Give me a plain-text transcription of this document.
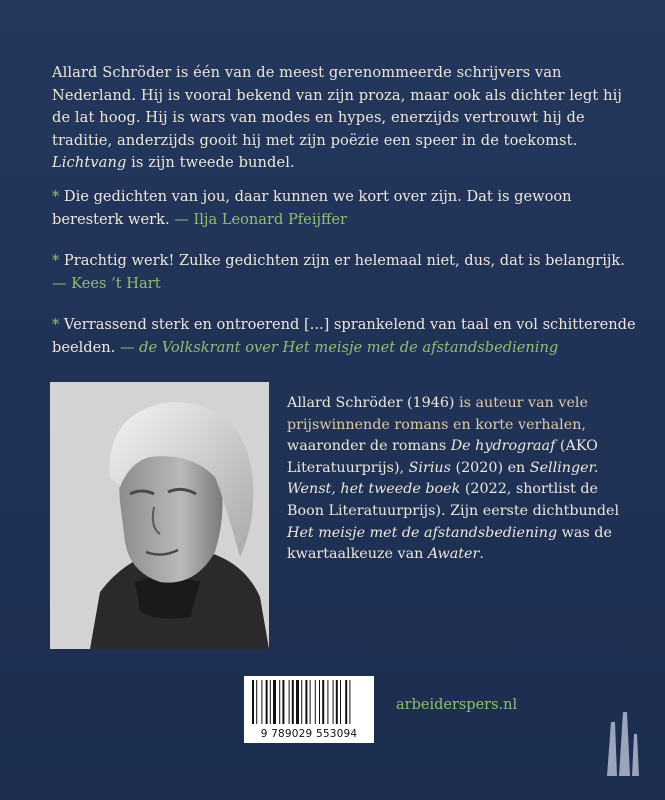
Allard Schröder is één van de meest gerenommeerde schrijvers van Nederland. Hij is vooral bekend van zijn proza, maar ook als dichter legt hij de lat hoog. Hij is wars van modes en hypes, enerzijds vertrouwt hij de traditie, anderzijds gooit hij met zijn poëzie een speer in de toekomst. Lichtvang is zijn tweede bundel.
* Die gedichten van jou, daar kunnen we kort over zijn. Dat is gewoon beresterk werk. — Ilja Leonard Pfeijffer
* Prachtig werk! Zulke gedichten zijn er helemaal niet, dus, dat is belangrijk. — Kees ’t Hart
* Verrassend sterk en ontroerend [...] sprankelend van taal en vol schitterende beelden. — de Volkskrant over Het meisje met de afstandsbediening
Allard Schröder (1946) is auteur van vele prijswinnende romans en korte verhalen, waaronder de romans De hydrograaf (AKO Literatuurprijs), Sirius (2020) en Sellinger. Wenst, het tweede boek (2022, shortlist de Boon Literatuurprijs). Zijn eerste dichtbundel Het meisje met de afstandsbediening was de kwartaalkeuze van Awater.
9 789029 553094
arbeiderspers.nl
